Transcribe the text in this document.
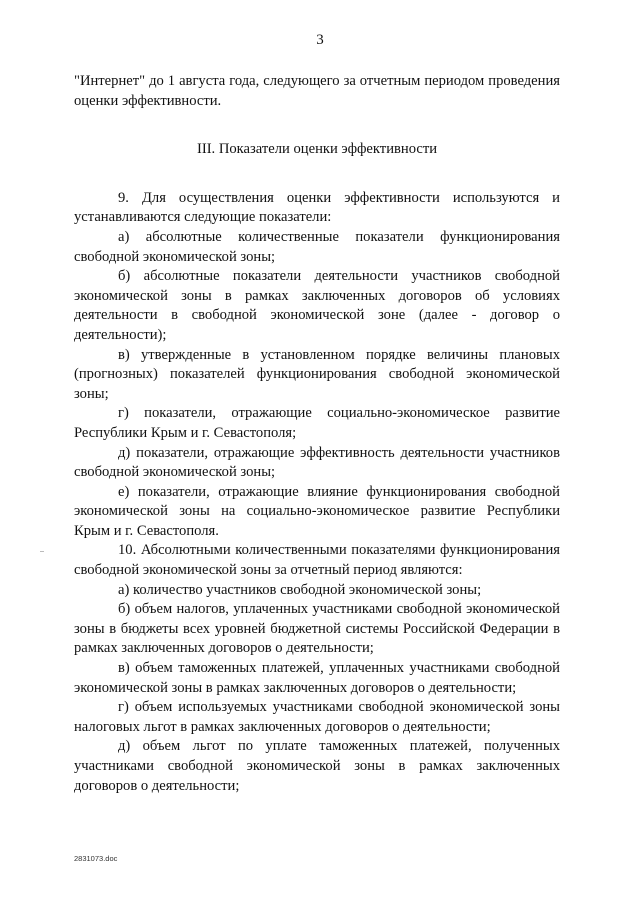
3

"Интернет" до 1 августа года, следующего за отчетным периодом проведения оценки эффективности.

III. Показатели оценки эффективности

9. Для осуществления оценки эффективности используются и устанавливаются следующие показатели:

а) абсолютные количественные показатели функционирования свободной экономической зоны;

б) абсолютные показатели деятельности участников свободной экономической зоны в рамках заключенных договоров об условиях деятельности в свободной экономической зоне (далее - договор о деятельности);

в) утвержденные в установленном порядке величины плановых (прогнозных) показателей функционирования свободной экономической зоны;

г) показатели, отражающие социально-экономическое развитие Республики Крым и г. Севастополя;

д) показатели, отражающие эффективность деятельности участников свободной экономической зоны;

е) показатели, отражающие влияние функционирования свободной экономической зоны на социально-экономическое развитие Республики Крым и г. Севастополя.

10. Абсолютными количественными показателями функционирования свободной экономической зоны за отчетный период являются:

а) количество участников свободной экономической зоны;

б) объем налогов, уплаченных участниками свободной экономической зоны в бюджеты всех уровней бюджетной системы Российской Федерации в рамках заключенных договоров о деятельности;

в) объем таможенных платежей, уплаченных участниками свободной экономической зоны в рамках заключенных договоров о деятельности;

г) объем используемых участниками свободной экономической зоны налоговых льгот в рамках заключенных договоров о деятельности;

д) объем льгот по уплате таможенных платежей, полученных участниками свободной экономической зоны в рамках заключенных договоров о деятельности;

2831073.doc
